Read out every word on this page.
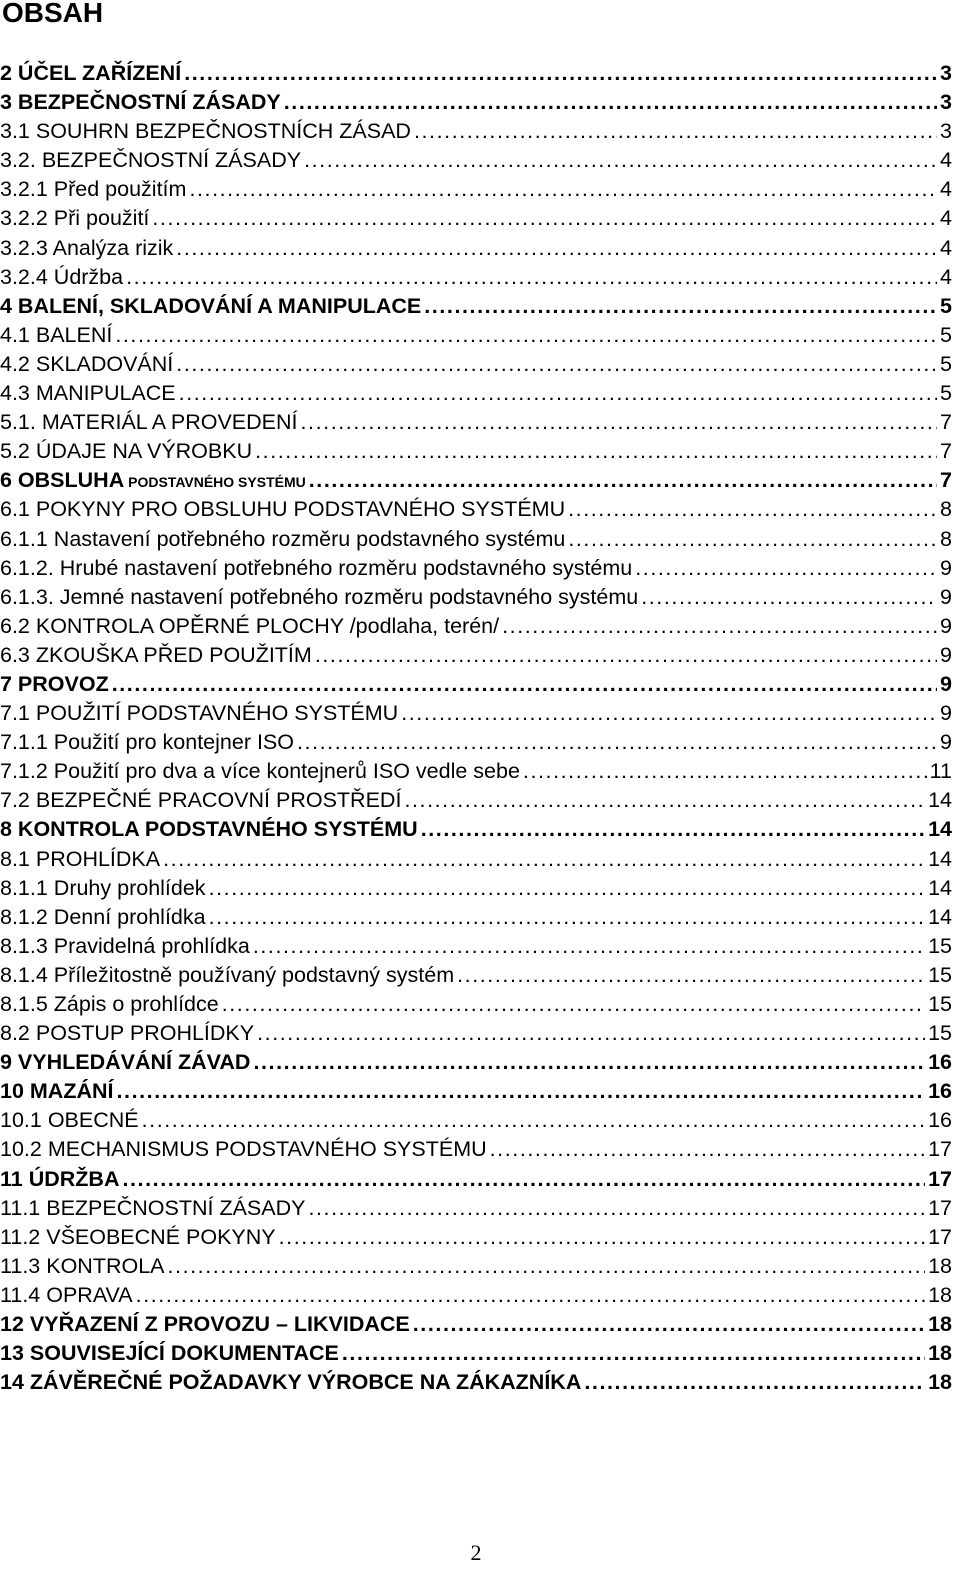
OBSAH
2 ÚČEL ZAŘÍZENÍ . . .	3
3 BEZPEČNOSTNÍ ZÁSADY . . .	3
3.1 SOUHRN BEZPEČNOSTNÍCH ZÁSAD . . .	3
3.2. BEZPEČNOSTNÍ ZÁSADY . . .	4
3.2.1 Před použitím . . .	4
3.2.2 Při použití . . .	4
3.2.3 Analýza rizik . . .	4
3.2.4 Údržba . . .	4
4 BALENÍ, SKLADOVÁNÍ A MANIPULACE . . .	5
4.1 BALENÍ . . .	5
4.2 SKLADOVÁNÍ . . .	5
4.3 MANIPULACE . . .	5
5.1. MATERIÁL A PROVEDENÍ . . .	7
5.2 ÚDAJE NA VÝROBKU . . .	7
6 OBSLUHA PODSTAVNÉHO SYSTÉMU . . .	7
6.1 POKYNY PRO OBSLUHU PODSTAVNÉHO SYSTÉMU . . .	8
6.1.1 Nastavení potřebného rozměru podstavného systému . . .	8
6.1.2. Hrubé nastavení potřebného rozměru podstavného systému . . .	9
6.1.3. Jemné nastavení potřebného rozměru podstavného systému . . .	9
6.2 KONTROLA OPĚRNÉ PLOCHY /podlaha, terén/ . . .	9
6.3 ZKOUŠKA PŘED POUŽITÍM . . .	9
7 PROVOZ . . .	9
7.1 POUŽITÍ PODSTAVNÉHO SYSTÉMU . . .	9
7.1.1 Použití pro kontejner ISO . . .	9
7.1.2 Použití pro dva a více kontejnerů ISO vedle sebe . . .	11
7.2 BEZPEČNÉ PRACOVNÍ PROSTŘEDÍ . . .	14
8 KONTROLA PODSTAVNÉHO SYSTÉMU . . .	14
8.1 PROHLÍDKA . . .	14
8.1.1 Druhy prohlídek . . .	14
8.1.2 Denní prohlídka . . .	14
8.1.3 Pravidelná prohlídka . . .	15
8.1.4 Příležitostně používaný podstavný systém . . .	15
8.1.5 Zápis o prohlídce . . .	15
8.2 POSTUP PROHLÍDKY . . .	15
9 VYHLEDÁVÁNÍ ZÁVAD . . .	16
10 MAZÁNÍ . . .	16
10.1 OBECNÉ . . .	16
10.2 MECHANISMUS PODSTAVNÉHO SYSTÉMU . . .	17
11 ÚDRŽBA . . .	17
11.1 BEZPEČNOSTNÍ ZÁSADY . . .	17
11.2 VŠEOBECNÉ POKYNY . . .	17
11.3 KONTROLA . . .	18
11.4 OPRAVA . . .	18
12 VYŘAZENÍ Z PROVOZU – LIKVIDACE . . .	18
13 SOUVISEJÍCÍ DOKUMENTACE . . .	18
14 ZÁVĚREČNÉ POŽADAVKY VÝROBCE NA ZÁKAZNÍKA . . .	18
2
